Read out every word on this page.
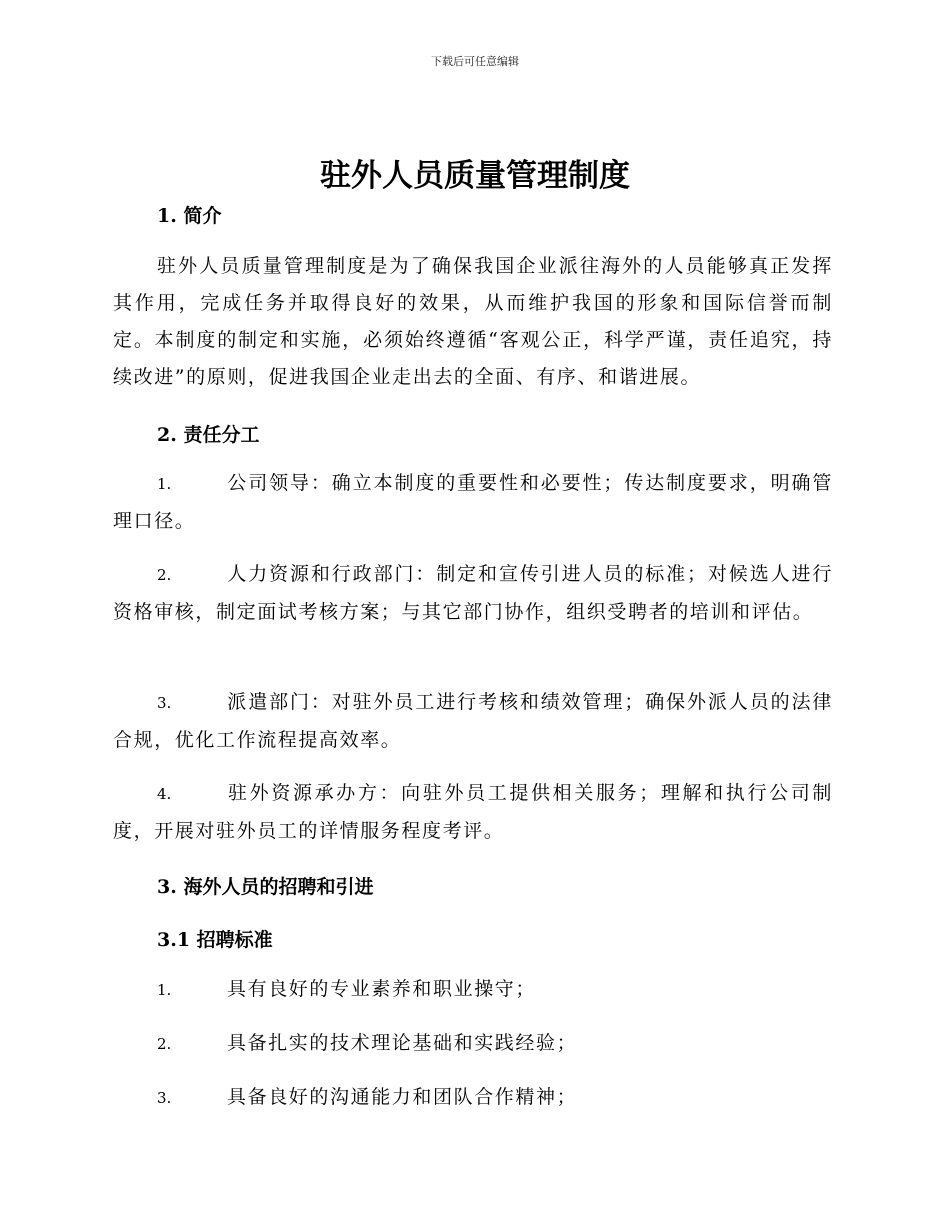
下载后可任意编辑
驻外人员质量管理制度
1. 简介

驻外人员质量管理制度是为了确保我国企业派往海外的人员能够真正发挥其作用，完成任务并取得良好的效果，从而维护我国的形象和国际信誉而制定。本制度的制定和实施，必须始终遵循“客观公正，科学严谨，责任追究，持续改进”的原则，促进我国企业走出去的全面、有序、和谐进展。

2. 责任分工

1.	公司领导：确立本制度的重要性和必要性；传达制度要求，明确管理口径。

2.	人力资源和行政部门：制定和宣传引进人员的标准；对候选人进行资格审核，制定面试考核方案；与其它部门协作，组织受聘者的培训和评估。

3.	派遣部门：对驻外员工进行考核和绩效管理；确保外派人员的法律合规，优化工作流程提高效率。

4.	驻外资源承办方：向驻外员工提供相关服务；理解和执行公司制度，开展对驻外员工的详情服务程度考评。

3. 海外人员的招聘和引进
3.1 招聘标准

1.	具有良好的专业素养和职业操守；

2.	具备扎实的技术理论基础和实践经验；

3.	具备良好的沟通能力和团队合作精神；
